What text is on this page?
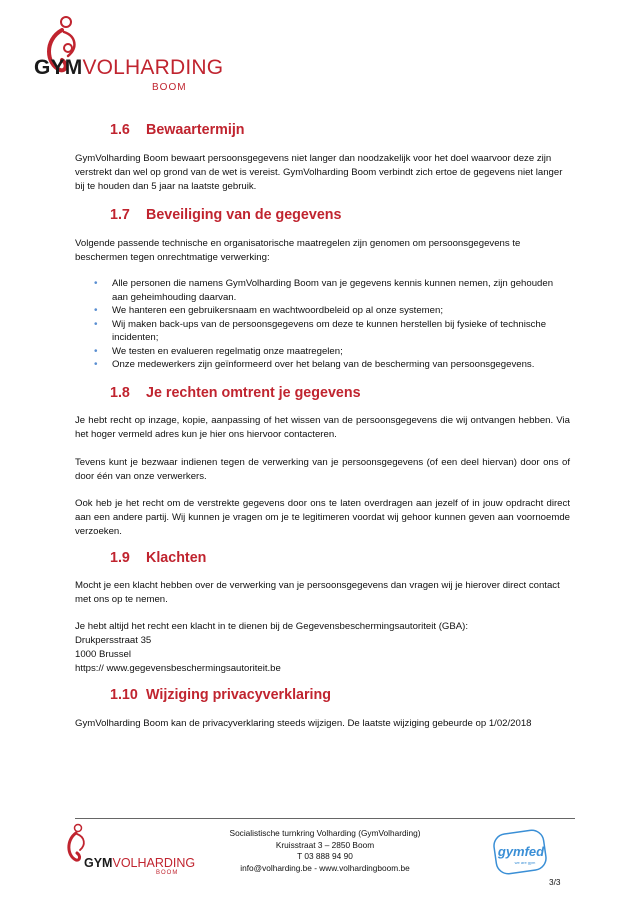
GYMVOLHARDING
BOOM
1.6 Bewaartermijn

GymVolharding Boom bewaart persoonsgegevens niet langer dan noodzakelijk voor het doel waarvoor deze zijn verstrekt dan wel op grond van de wet is vereist. GymVolharding Boom verbindt zich ertoe de gegevens niet langer bij te houden dan 5 jaar na laatste gebruik.

1.7 Beveiliging van de gegevens

Volgende passende technische en organisatorische maatregelen zijn genomen om persoonsgegevens te beschermen tegen onrechtmatige verwerking:

• Alle personen die namens GymVolharding Boom van je gegevens kennis kunnen nemen, zijn gehouden aan geheimhouding daarvan.
• We hanteren een gebruikersnaam en wachtwoordbeleid op al onze systemen;
• Wij maken back-ups van de persoonsgegevens om deze te kunnen herstellen bij fysieke of technische incidenten;
• We testen en evalueren regelmatig onze maatregelen;
• Onze medewerkers zijn geïnformeerd over het belang van de bescherming van persoonsgegevens.
1.8 Je rechten omtrent je gegevens

Je hebt recht op inzage, kopie, aanpassing of het wissen van de persoonsgegevens die wij ontvangen hebben. Via het hoger vermeld adres kun je hier ons hiervoor contacteren.

Tevens kunt je bezwaar indienen tegen de verwerking van je persoonsgegevens (of een deel hiervan) door ons of door één van onze verwerkers.

Ook heb je het recht om de verstrekte gegevens door ons te laten overdragen aan jezelf of in jouw opdracht direct aan een andere partij. Wij kunnen je vragen om je te legitimeren voordat wij gehoor kunnen geven aan voornoemde verzoeken.

1.9 Klachten

Mocht je een klacht hebben over de verwerking van je persoonsgegevens dan vragen wij je hierover direct contact met ons op te nemen.

Je hebt altijd het recht een klacht in te dienen bij de Gegevensbeschermingsautoriteit (GBA):

Drukpersstraat 35

1000 Brussel

https:// www.gegevensbeschermingsautoriteit.be

1.10 Wijziging privacyverklaring

GymVolharding Boom kan de privacyverklaring steeds wijzigen. De laatste wijziging gebeurde op 1/02/2018

GYMVOLHARDING
BOOM
Socialistische turnkring Volharding (GymVolharding)
Kruisstraat 3 – 2850 Boom
T 03 888 94 90
info@volharding.be - www.volhardingboom.be
gymfed
we are gym
3/3
